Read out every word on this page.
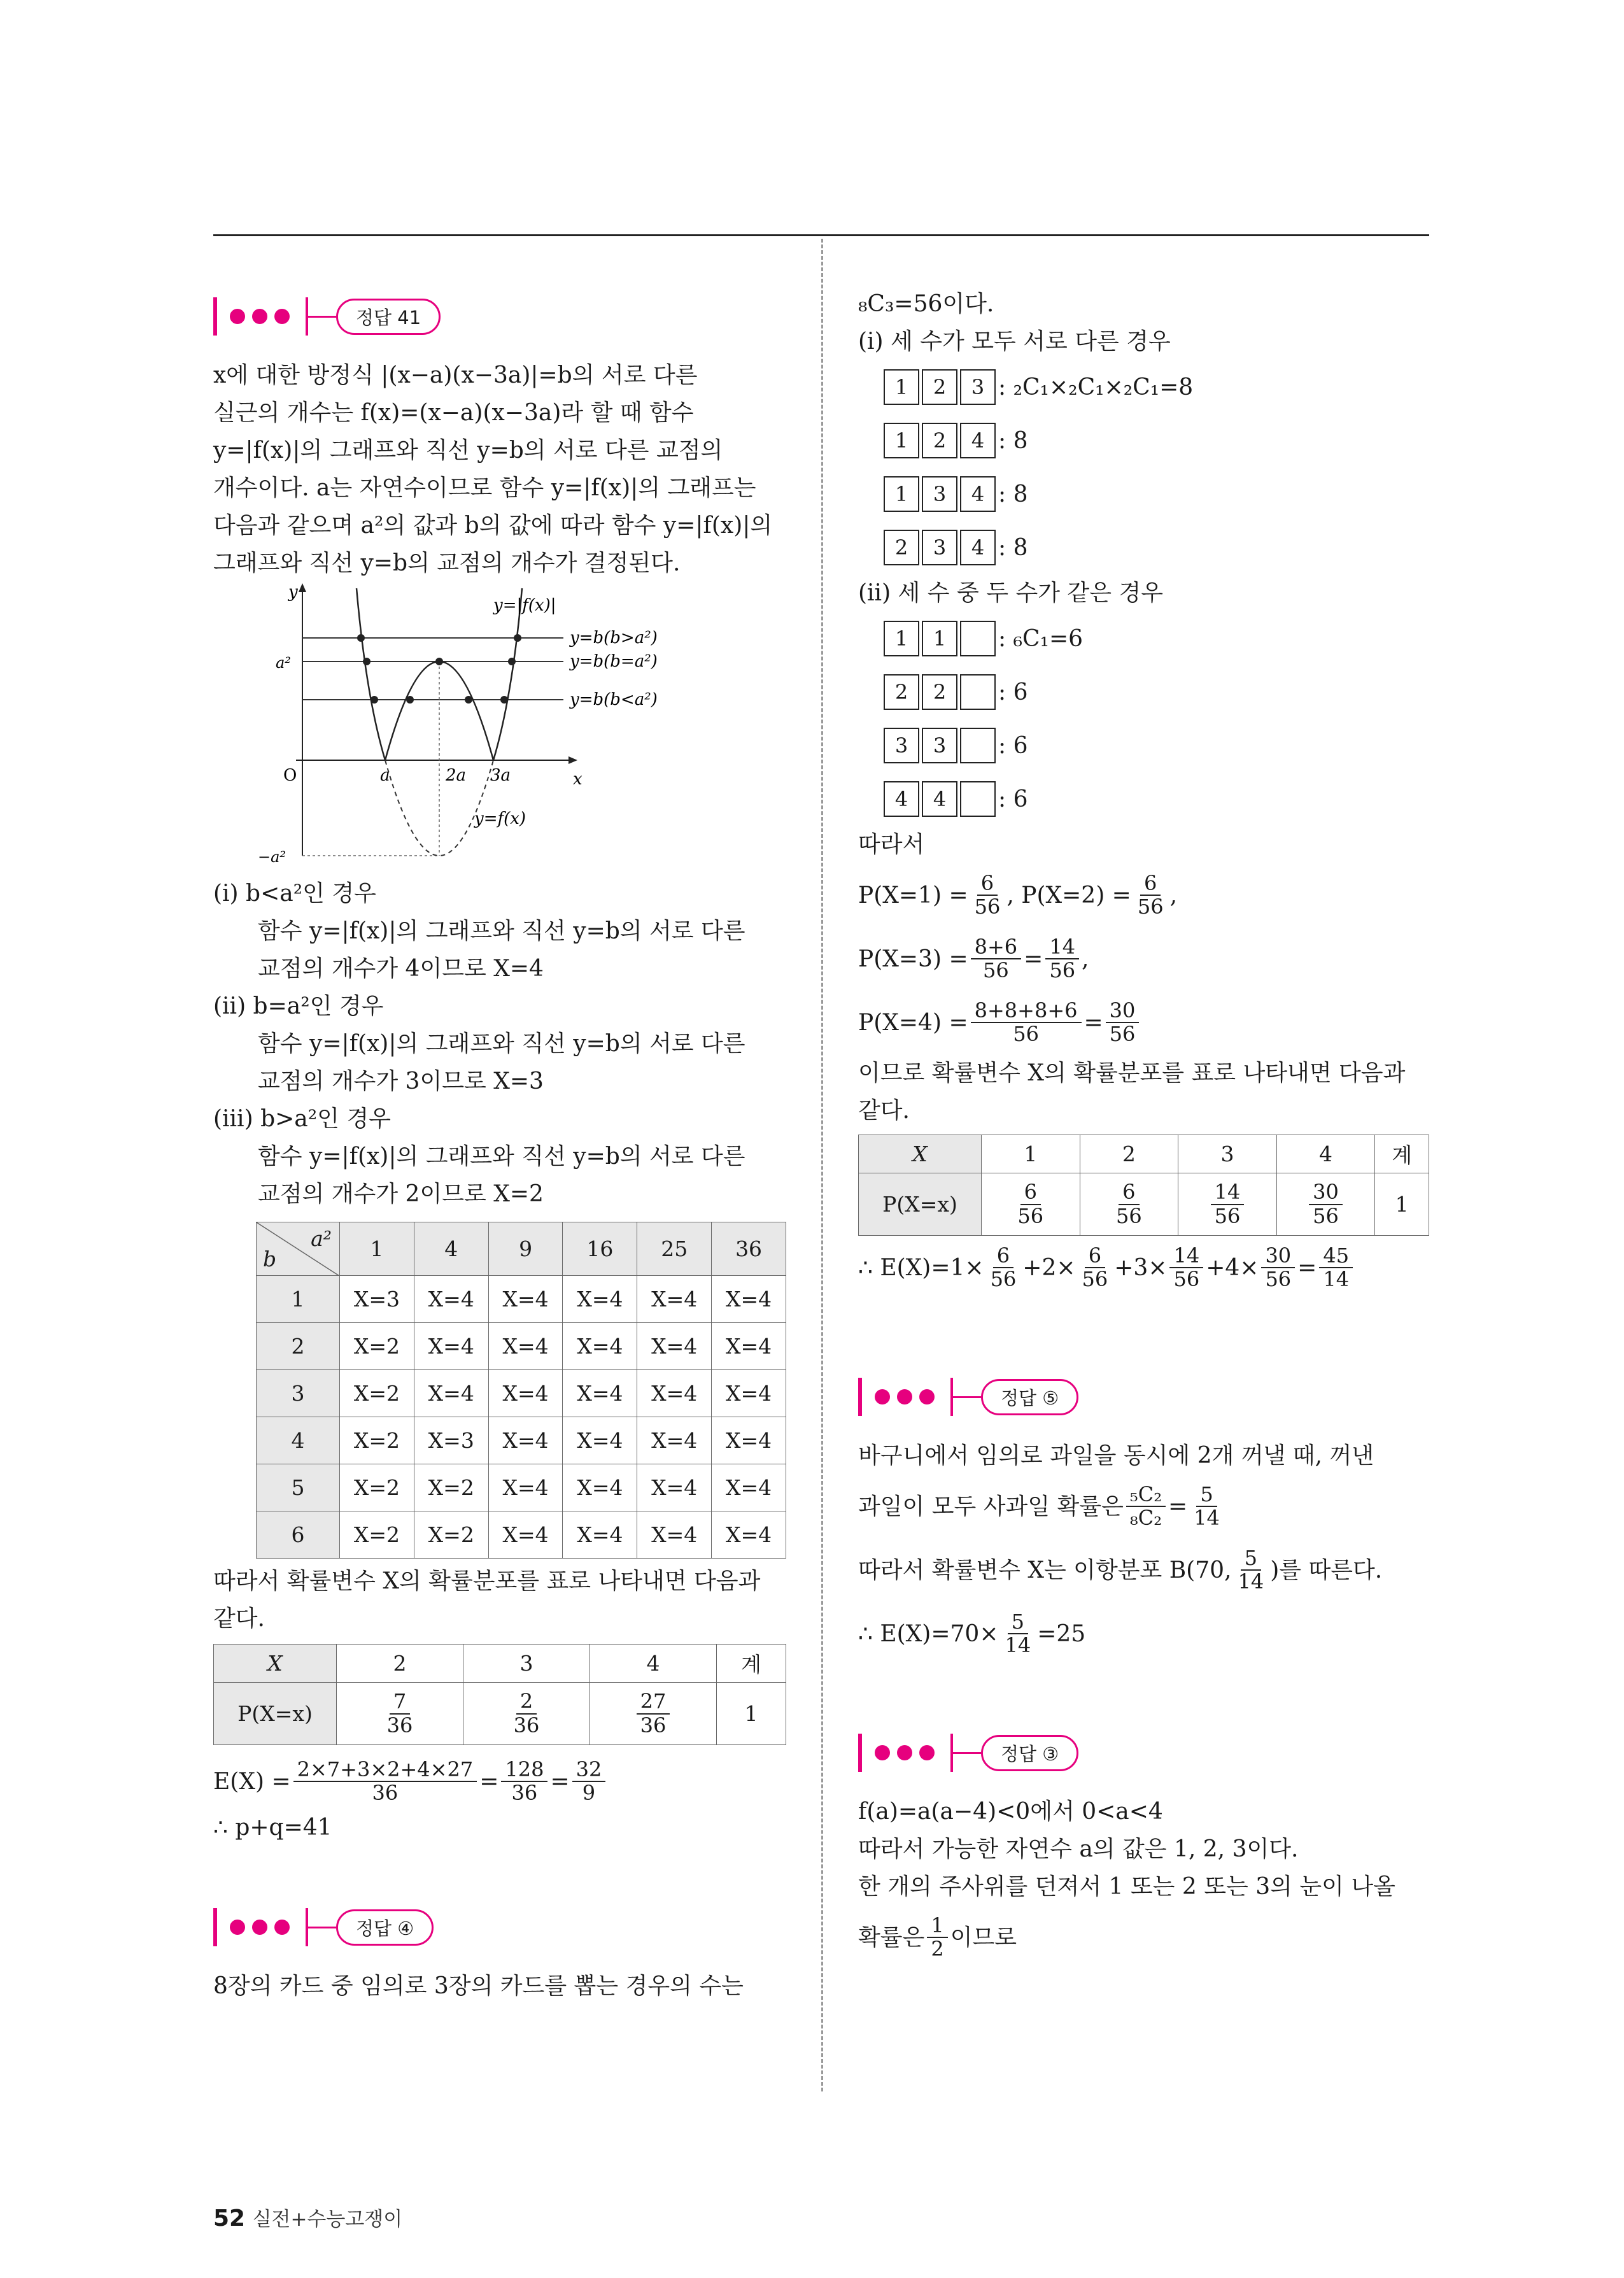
정답 41
x에 대한 방정식 |(x−a)(x−3a)|=b의 서로 다른
실근의 개수는 f(x)=(x−a)(x−3a)라 할 때 함수
y=|f(x)|의 그래프와 직선 y=b의 서로 다른 교점의
개수이다. a는 자연수이므로 함수 y=|f(x)|의 그래프는
다음과 같으며 a²의 값과 b의 값에 따라 함수 y=|f(x)|의
그래프와 직선 y=b의 교점의 개수가 결정된다.
y
x
O
y=|f(x)|
y=f(x)
y=b(b>a²)
y=b(b=a²)
y=b(b<a²)
a²
−a²
a	2a 3a
(ⅰ) b<a²인 경우
함수 y=|f(x)|의 그래프와 직선 y=b의 서로 다른
교점의 개수가 4이므로 X=4
(ⅱ) b=a²인 경우
함수 y=|f(x)|의 그래프와 직선 y=b의 서로 다른
교점의 개수가 3이므로 X=3
(ⅲ) b>a²인 경우
함수 y=|f(x)|의 그래프와 직선 y=b의 서로 다른
교점의 개수가 2이므로 X=2
b
a²	1	4	9	16	25	36
1	X=3	X=4	X=4	X=4	X=4	X=4
2	X=2	X=4	X=4	X=4	X=4	X=4
3	X=2	X=4	X=4	X=4	X=4	X=4
4	X=2	X=3	X=4	X=4	X=4	X=4
5	X=2	X=2	X=4	X=4	X=4	X=4
6	X=2	X=2	X=4	X=4	X=4	X=4
따라서 확률변수 X의 확률분포를 표로 나타내면 다음과
같다.
X	2	3	4	계
P(X=x)	$\frac{7}{36}$	$\frac{2}{36}$	$\frac{27}{36}$	1
$E(X) = \frac{2\times 7+3\times 2+4\times 27}{36} = 128$
36 = 32
9
∴ p+q=41
정답 ④
8장의 카드 중 임의로 3장의 카드를 뽑는 경우의 수는
₈C₃=56이다.
(ⅰ) 세 수가 모두 서로 다른 경우
1	2	3 : ₂C₁×₂C₁×₂C₁=8
1	2	4 : 8
1	3	4 : 8
2	3	4 : 8
(ⅱ) 세 수 중 두 수가 같은 경우
1	1	: ₆C₁=6
2	2	: 6
3	3	: 6
4	4	: 6
따라서
$P(X=1) = \frac{6}{56}$ , $P(X=2) = \frac{6}{56}$ ,
$P(X=3) = \frac{8+6}{56} = 14$
56 ,
$P(X=4) = \frac{8+8+8+6}{56} = 30$
56
이므로 확률변수 X의 확률분포를 표로 나타내면 다음과
같다.
X	1	2	3	4	계
P(X=x)	$\frac{6}{56}$	$\frac{6}{56}$	$\frac{14}{56}$	$\frac{30}{56}$	1
∴ $E(X)=1\times \frac{6}{56} +2\times \frac{6}{56} +3\times \frac{14}{56} +4\times \frac{30}{56} = \frac{45}{14}$
정답 ⑤
바구니에서 임의로 과일을 동시에 2개 꺼낼 때, 꺼낸
과일이 모두 사과일 확률은 $\frac{\text{₅C₂}}{\text{₈C₂}} = \frac{5}{14}$
따라서 확률변수 X는 이항분포 B(70, 5
14 )를 따른다.
∴ $E(X)=70\times \frac{5}{14} =25$
정답 ③
f(a)=a(a−4)<0에서 0<a<4
따라서 가능한 자연수 a의 값은 1, 2, 3이다.
한 개의 주사위를 던져서 1 또는 2 또는 3의 눈이 나올
확률은 1
2 이므로
52 실전+수능고쟁이
